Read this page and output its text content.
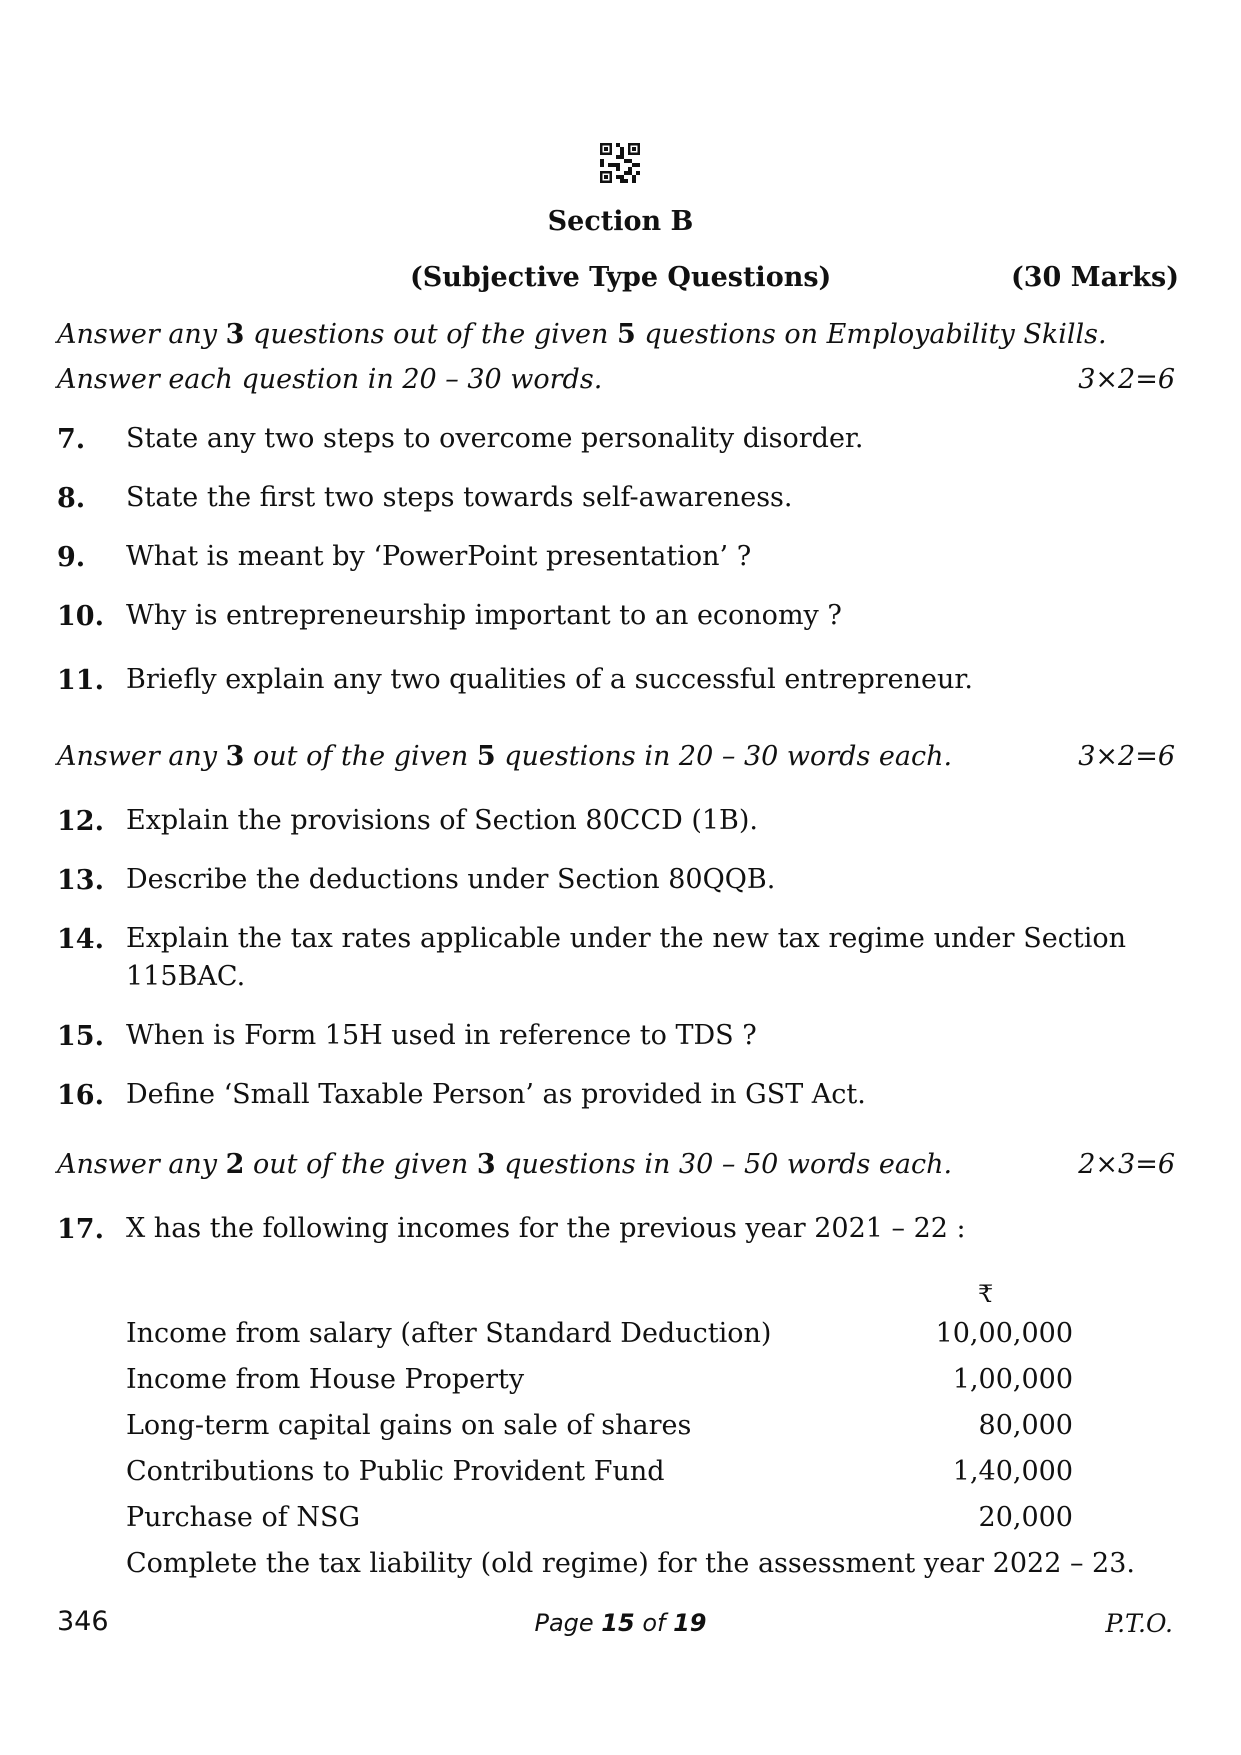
Section B
(Subjective Type Questions)	(30 Marks)
Answer any 3 questions out of the given 5 questions on Employability Skills.
Answer each question in 20 – 30 words.	3×2=6
7. State any two steps to overcome personality disorder.
8. State the first two steps towards self-awareness.
9. What is meant by ‘PowerPoint presentation’ ?
10. Why is entrepreneurship important to an economy ?
11. Briefly explain any two qualities of a successful entrepreneur.
Answer any 3 out of the given 5 questions in 20 – 30 words each.	3×2=6
12. Explain the provisions of Section 80CCD (1B).
13. Describe the deductions under Section 80QQB.
14. Explain the tax rates applicable under the new tax regime under Section 115BAC.
15. When is Form 15H used in reference to TDS ?
16. Define ‘Small Taxable Person’ as provided in GST Act.
Answer any 2 out of the given 3 questions in 30 – 50 words each.	2×3=6
17. X has the following incomes for the previous year 2021 – 22 :
₹
Income from salary (after Standard Deduction)	10,00,000
Income from House Property	1,00,000
Long-term capital gains on sale of shares	80,000
Contributions to Public Provident Fund	1,40,000
Purchase of NSG	20,000
Complete the tax liability (old regime) for the assessment year 2022 – 23.
346	Page 15 of 19	P.T.O.
